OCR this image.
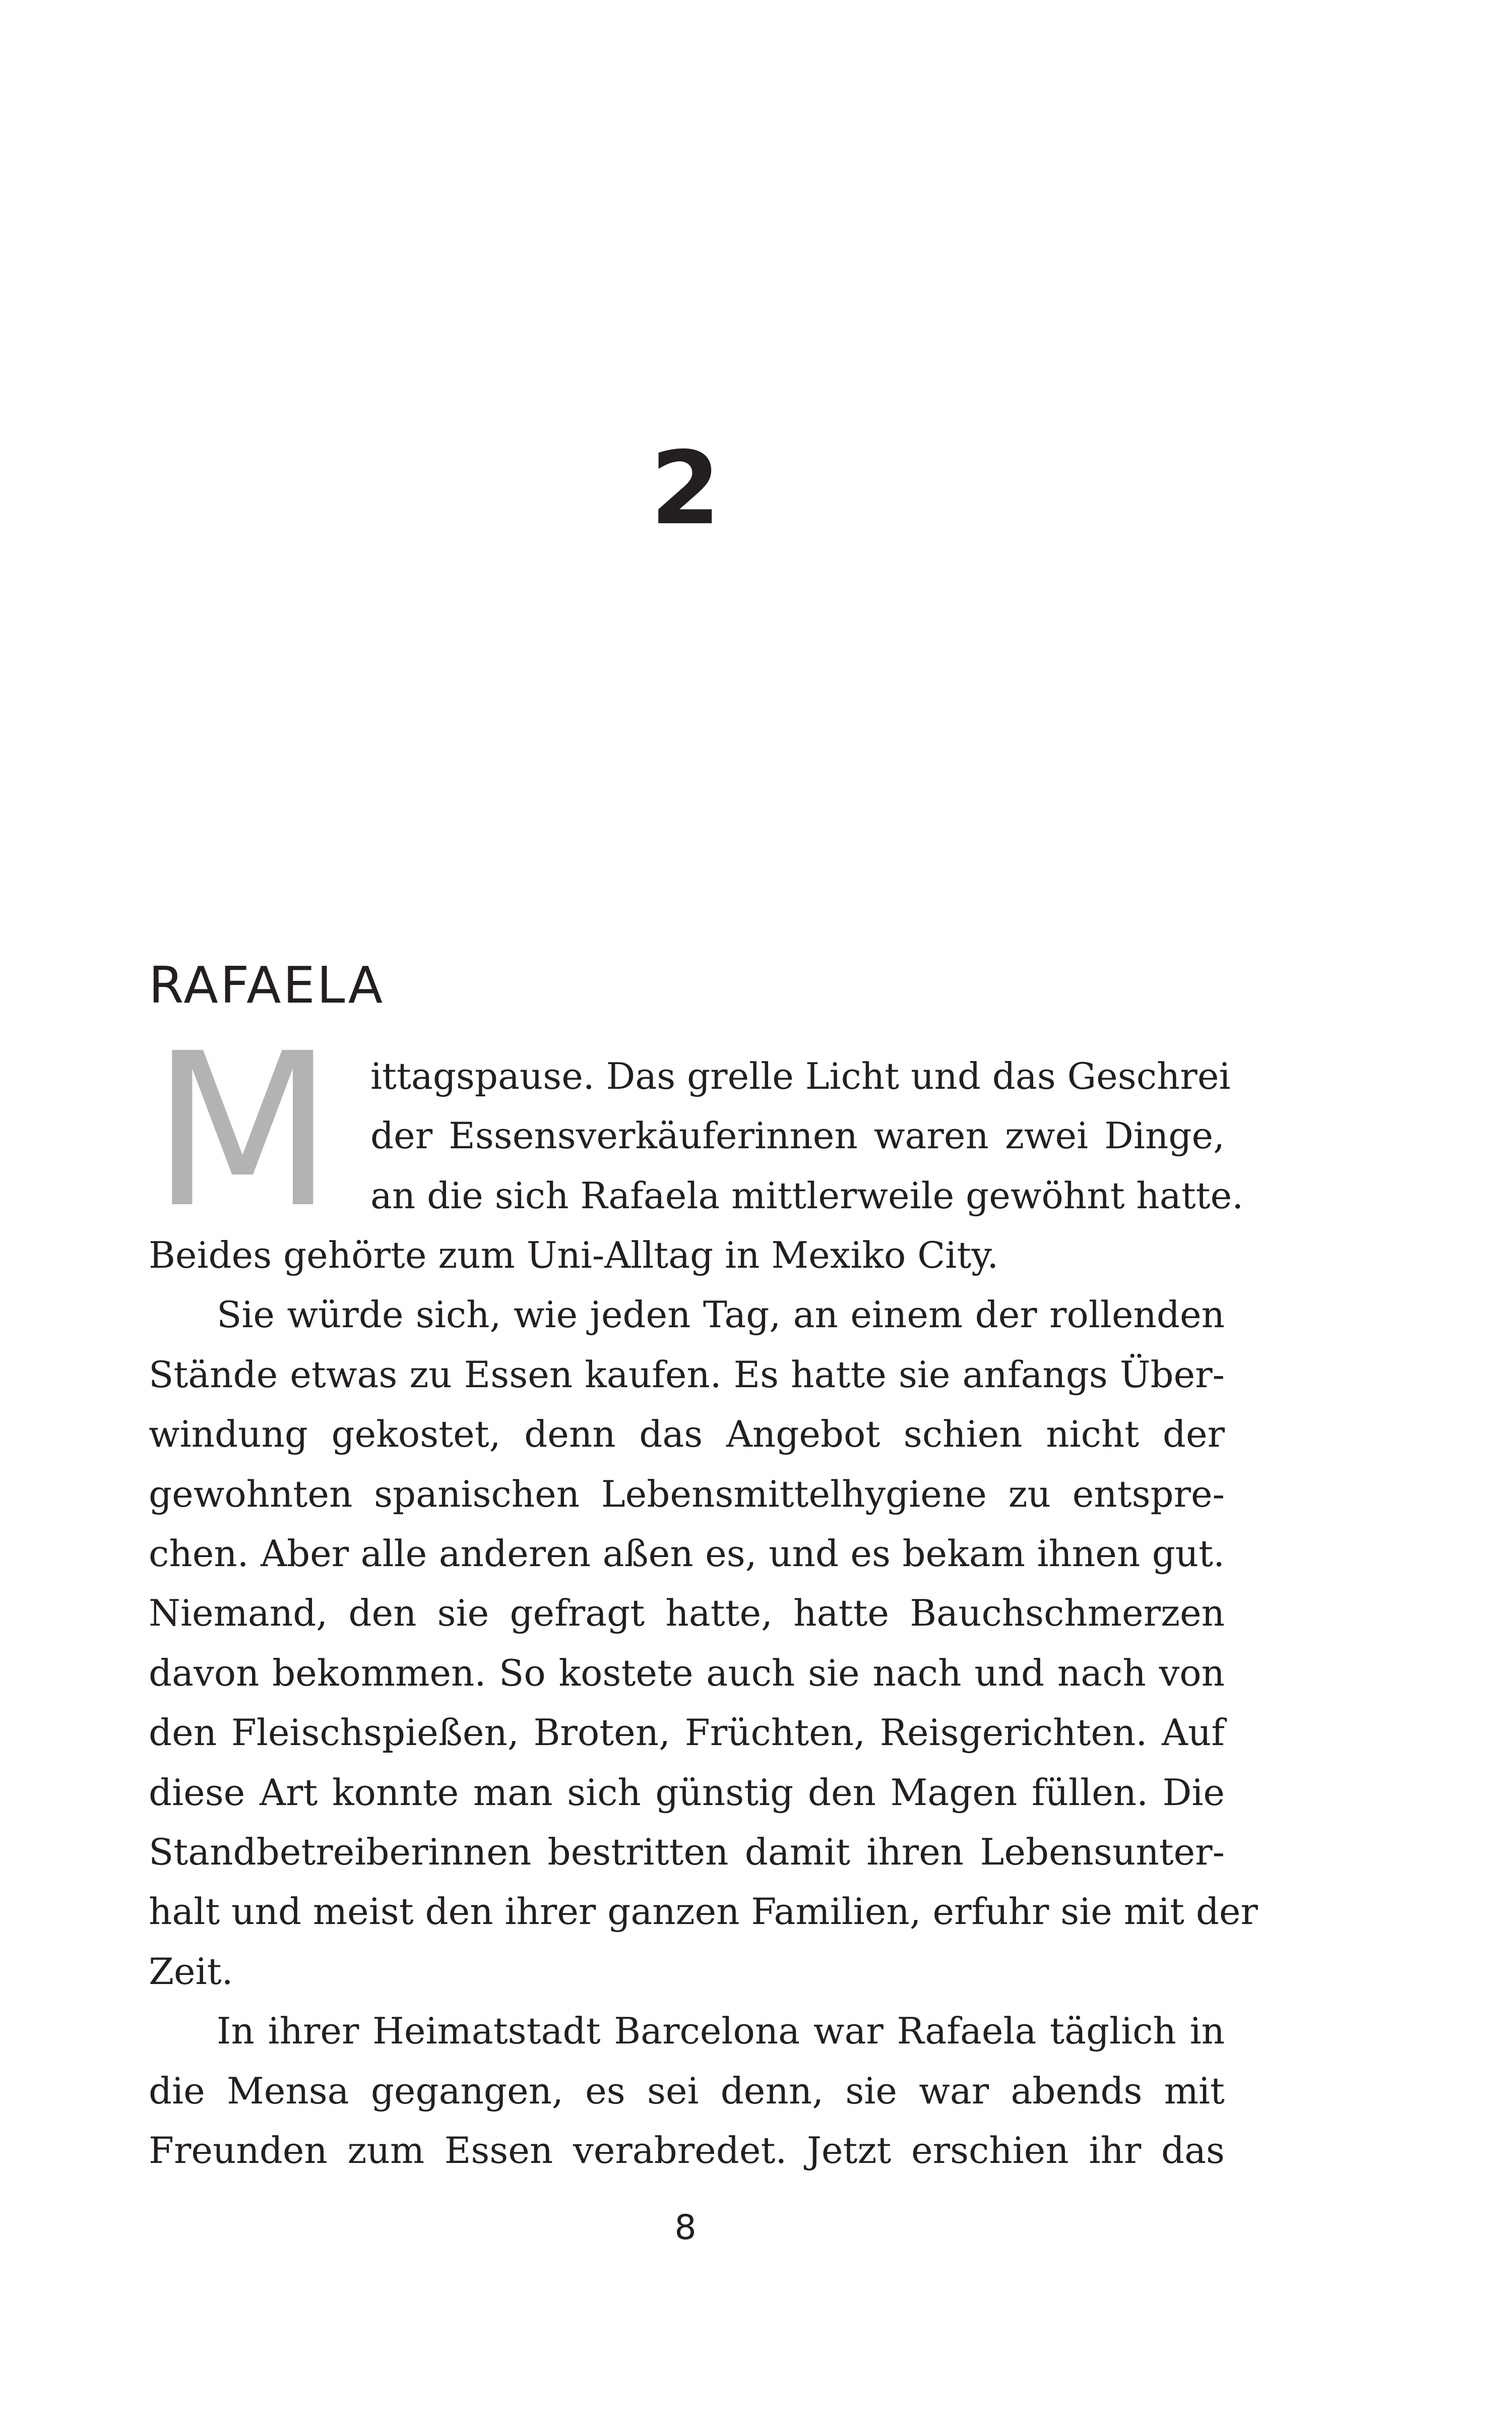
2
RAFAELA
M ittagspause. Das grelle Licht und das Geschrei
der Essensverkäuferinnen waren zwei Dinge,
an die sich Rafaela mittlerweile gewöhnt hatte.
Beides gehörte zum Uni-Alltag in Mexiko City.
Sie würde sich, wie jeden Tag, an einem der rollenden
Stände etwas zu Essen kaufen. Es hatte sie anfangs Über-
windung gekostet, denn das Angebot schien nicht der
gewohnten spanischen Lebensmittelhygiene zu entspre-
chen. Aber alle anderen aßen es, und es bekam ihnen gut.
Niemand, den sie gefragt hatte, hatte Bauchschmerzen
davon bekommen. So kostete auch sie nach und nach von
den Fleischspießen, Broten, Früchten, Reisgerichten. Auf
diese Art konnte man sich günstig den Magen füllen. Die
Standbetreiberinnen bestritten damit ihren Lebensunter-
halt und meist den ihrer ganzen Familien, erfuhr sie mit der
Zeit.
In ihrer Heimatstadt Barcelona war Rafaela täglich in
die Mensa gegangen, es sei denn, sie war abends mit
Freunden zum Essen verabredet. Jetzt erschien ihr das
8
